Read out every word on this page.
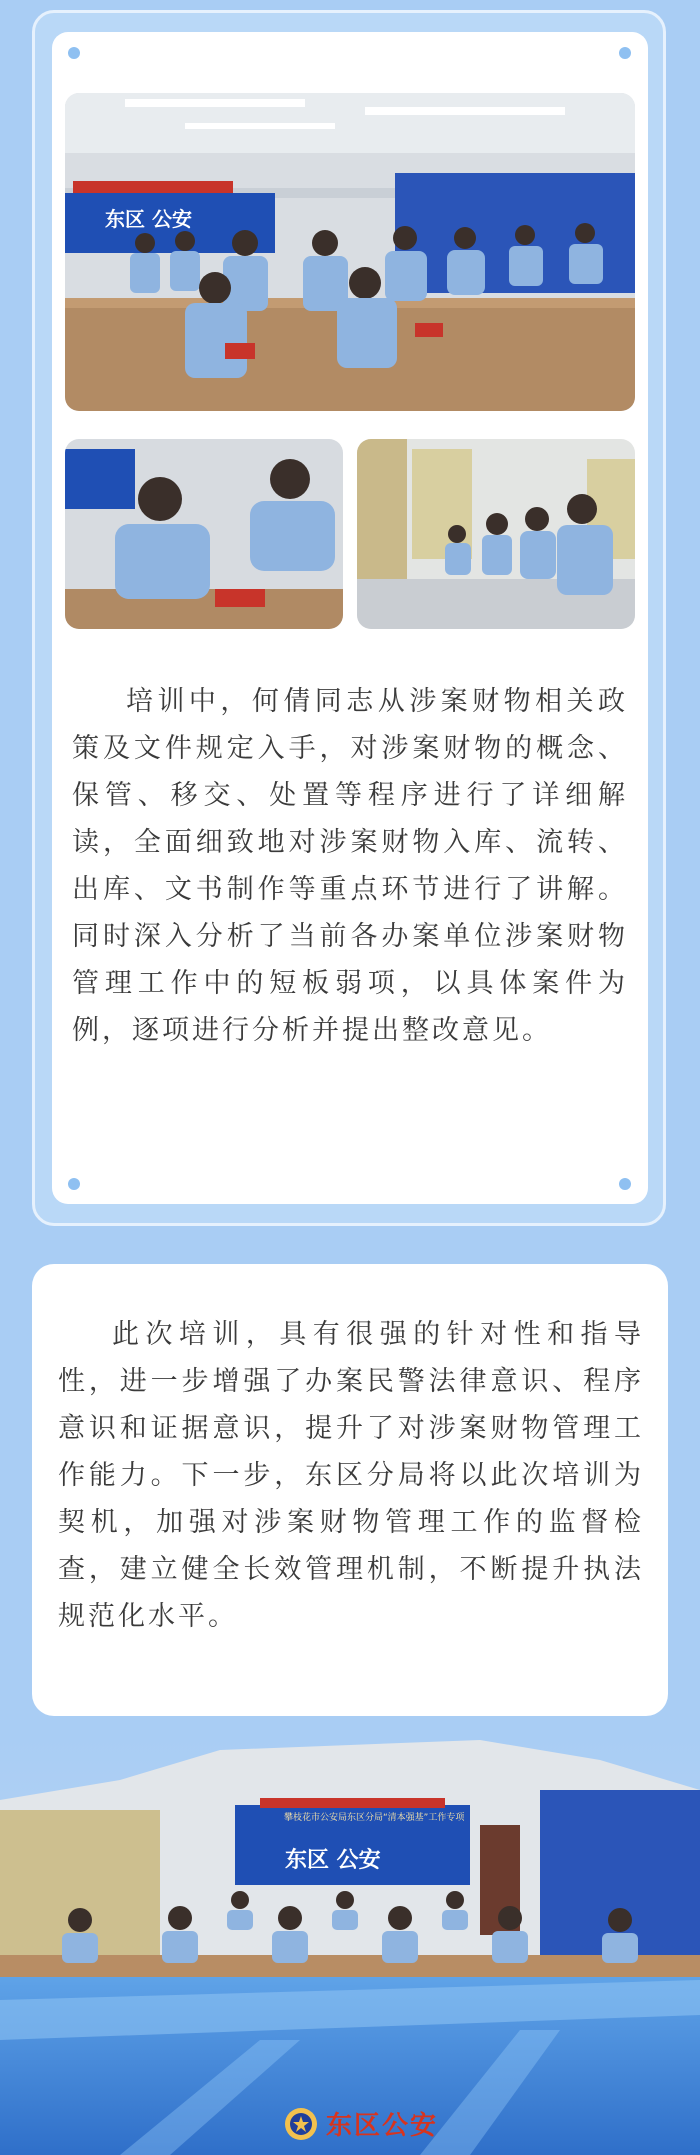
东区 公安

培训中，何倩同志从涉案财物相关政策及文件规定入手，对涉案财物的概念、保管、移交、处置等程序进行了详细解读，全面细致地对涉案财物入库、流转、出库、文书制作等重点环节进行了讲解。同时深入分析了当前各办案单位涉案财物管理工作中的短板弱项，以具体案件为例，逐项进行分析并提出整改意见。

此次培训，具有很强的针对性和指导性，进一步增强了办案民警法律意识、程序意识和证据意识，提升了对涉案财物管理工作能力。下一步，东区分局将以此次培训为契机，加强对涉案财物管理工作的监督检查，建立健全长效管理机制，不断提升执法规范化水平。

攀枝花市公安局东区分局“清本强基”工作专项
东区 公安
东区公安
